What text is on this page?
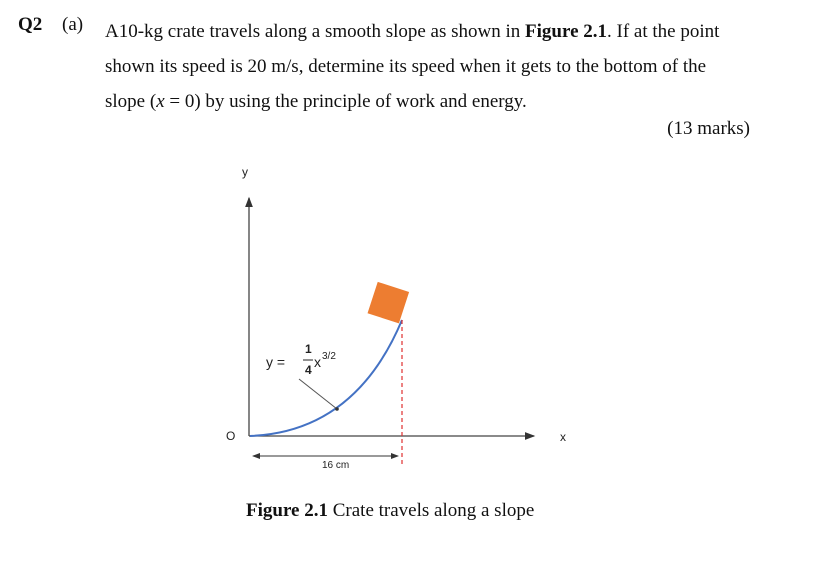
Q2 (a) A10-kg crate travels along a smooth slope as shown in Figure 2.1. If at the point

shown its speed is 20 m/s, determine its speed when it gets to the bottom of the

slope (x = 0) by using the principle of work and energy.

(13 marks)
y
x
O
y =
1
4 x 3/2
16 cm
Figure 2.1 Crate travels along a slope
